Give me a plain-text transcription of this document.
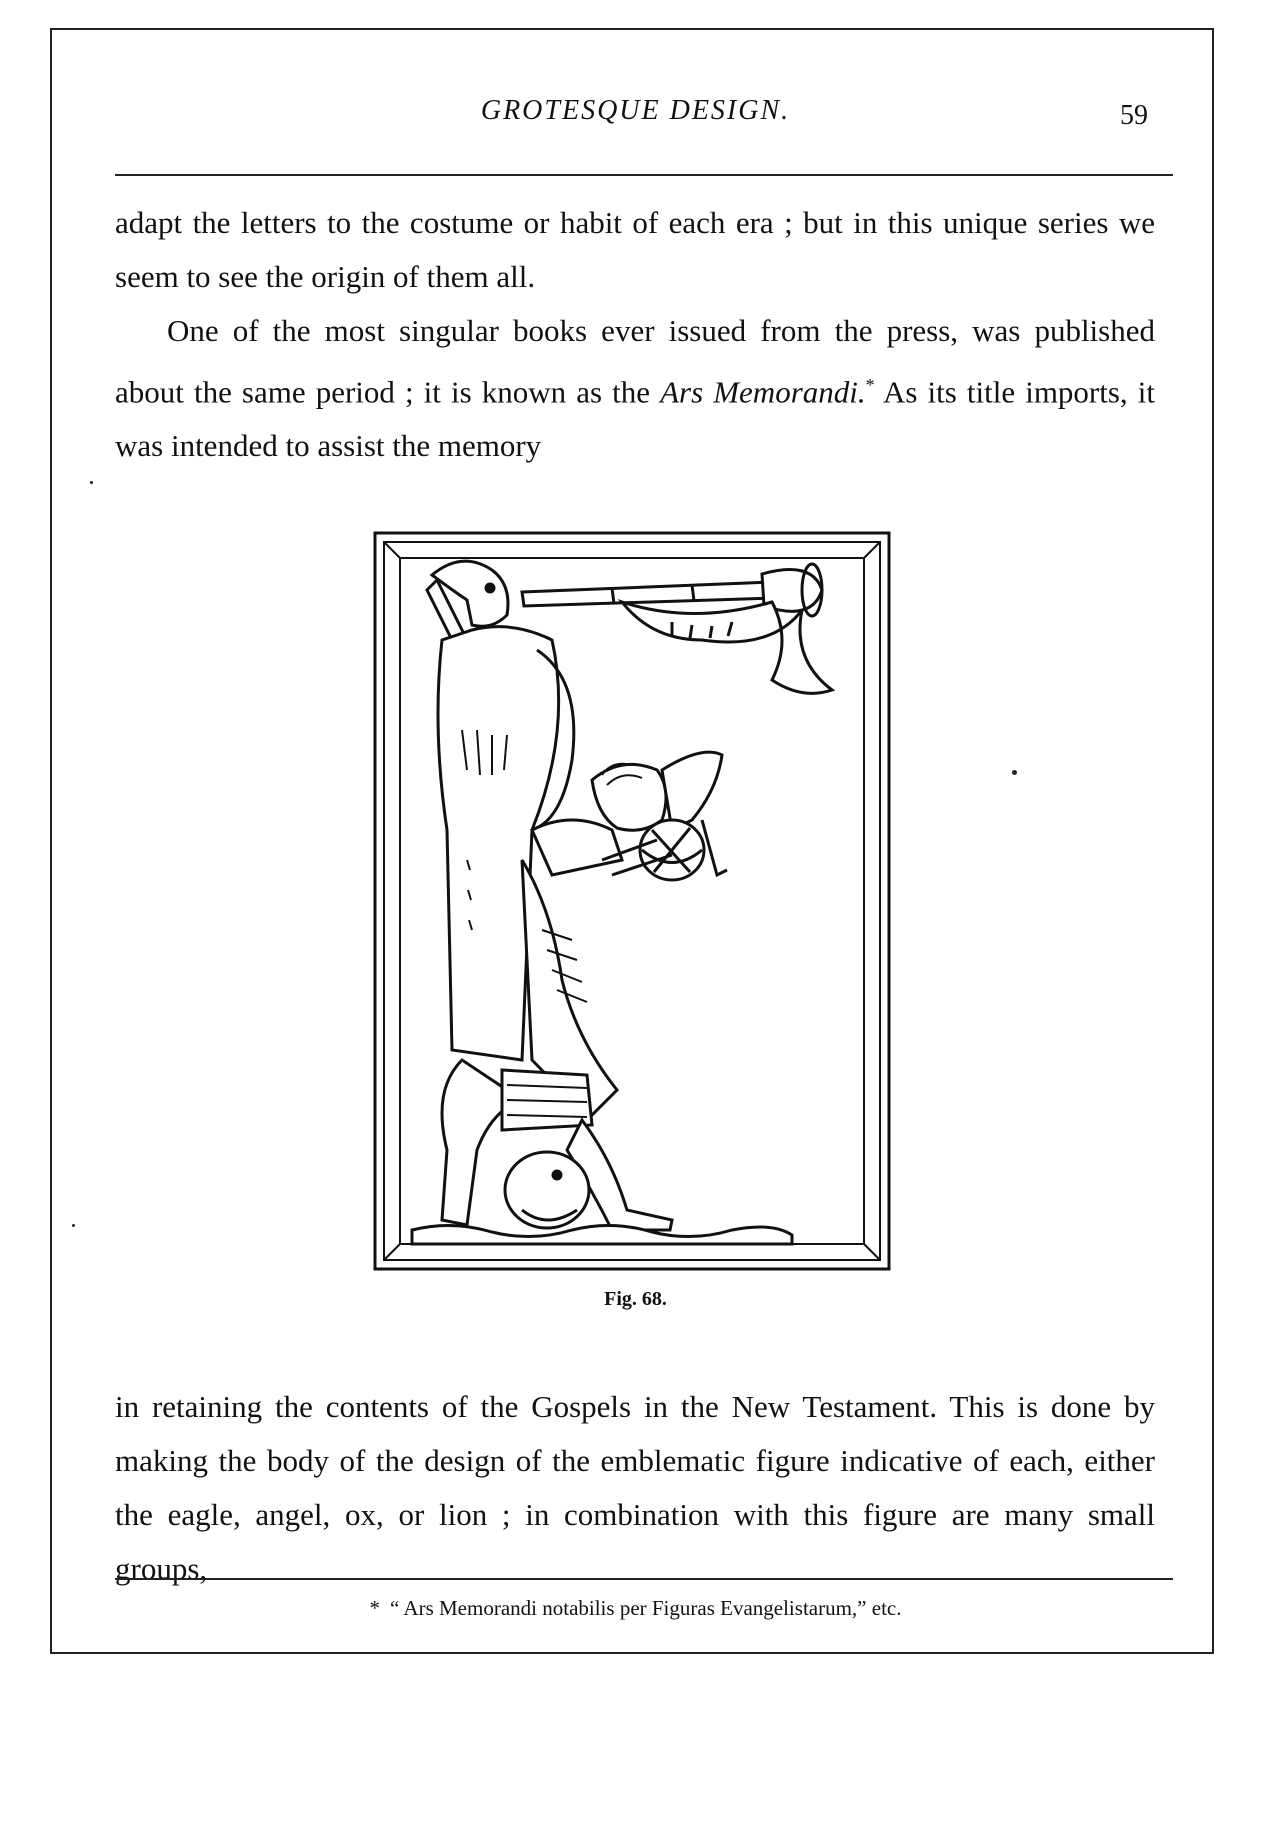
GROTESQUE DESIGN.	59

adapt the letters to the costume or habit of each era ; but in this unique series we seem to see the origin of them all.

One of the most singular books ever issued from the press, was published about the same period ; it is known as the Ars Memorandi.* As its title imports, it was intended to assist the memory

Fig. 68.

in retaining the contents of the Gospels in the New Testament. This is done by making the body of the design of the emblematic figure indicative of each, either the eagle, angel, ox, or lion ; in combination with this figure are many small groups,

* “ Ars Memorandi notabilis per Figuras Evangelistarum,” etc.
